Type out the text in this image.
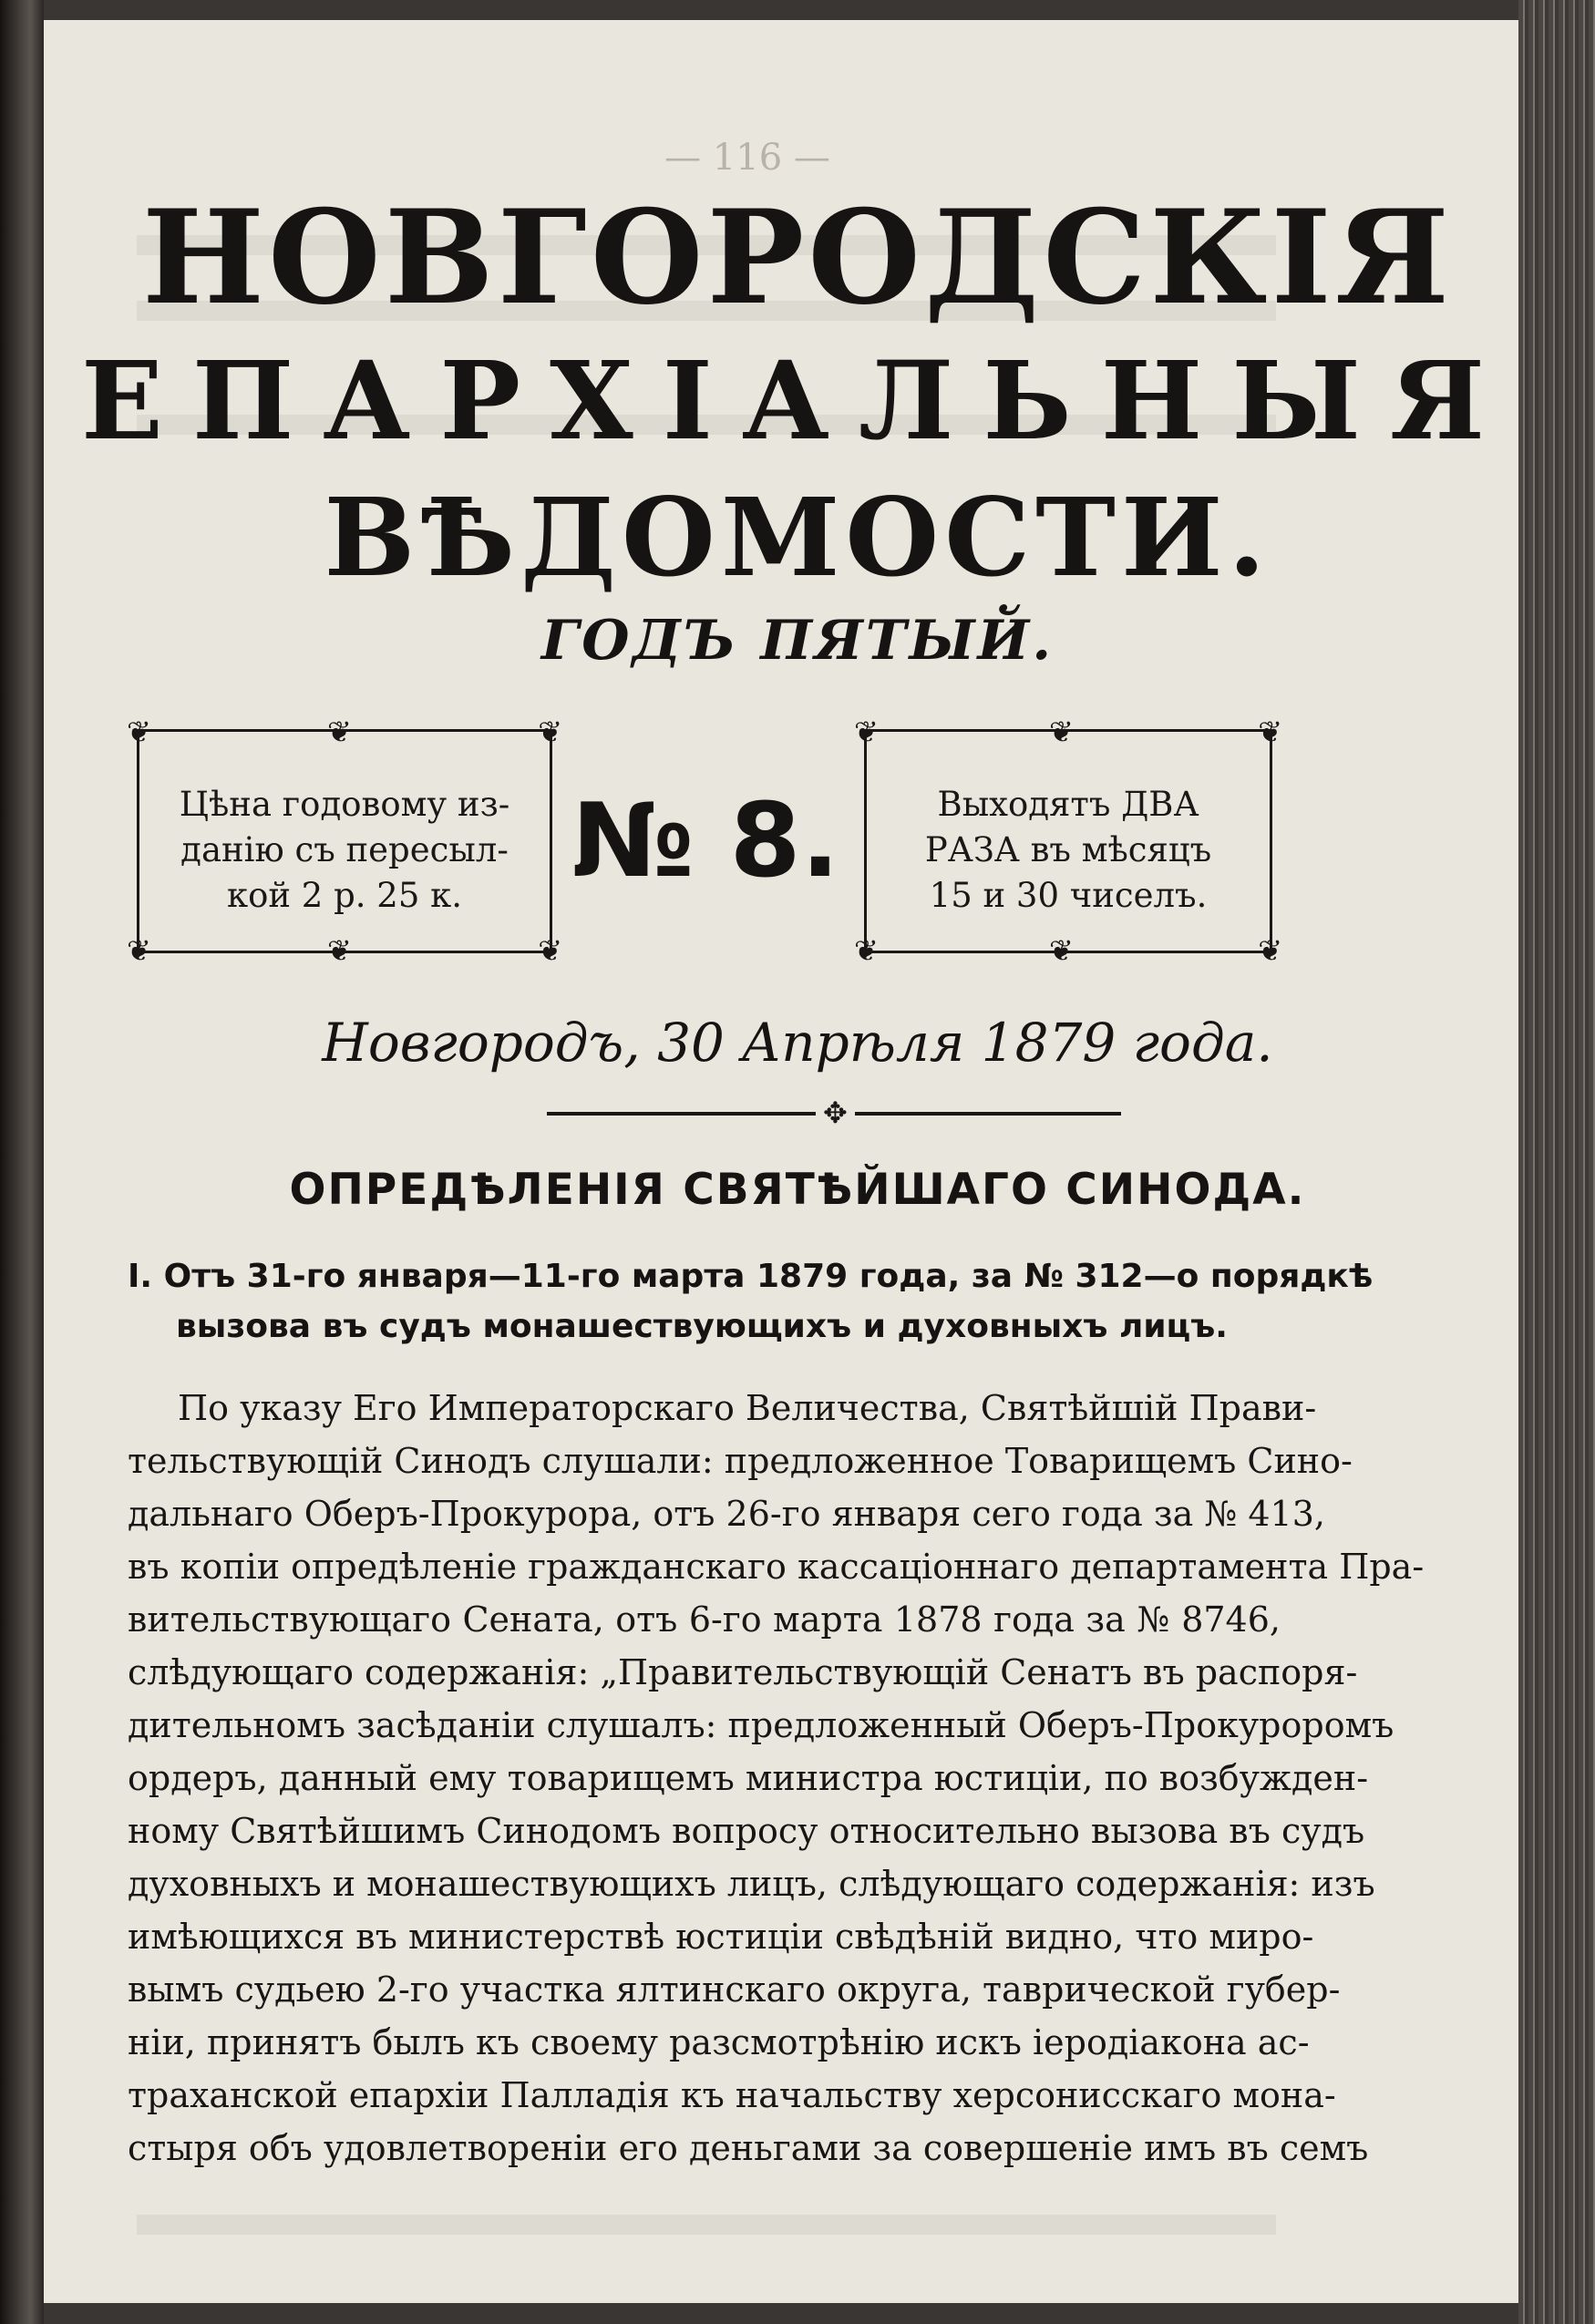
— 116 —
НОВГОРОДСКІЯ
ЕПАРХІАЛЬНЫЯ
ВѢДОМОСТИ.
ГОДЪ ПЯТЫЙ.
❦	❦
❦	❦
❦
❦
Цѣна годовому из-
данію съ пересыл-
кой 2 р. 25 к.	№ 8.
❦	❦
❦	❦
❦
❦
Выходятъ ДВА
РАЗА въ мѣсяцъ
15 и 30 чиселъ.
Новгородъ, 30 Апрѣля 1879 года.
✥
ОПРЕДѢЛЕНІЯ СВЯТѢЙШАГО СИНОДА.
I. Отъ 31-го января—11-го марта 1879 года, за № 312—о порядкѣ
вызова въ судъ монашествующихъ и духовныхъ лицъ.
По указу Его Императорскаго Величества, Святѣйшій Прави-
тельствующій Синодъ слушали: предложенное Товарищемъ Сино-
дальнаго Оберъ-Прокурора, отъ 26-го января сего года за № 413,
въ копіи опредѣленіе гражданскаго кассаціоннаго департамента Пра-
вительствующаго Сената, отъ 6-го марта 1878 года за № 8746,
слѣдующаго содержанія: „Правительствующій Сенатъ въ распоря-
дительномъ засѣданіи слушалъ: предложенный Оберъ-Прокуроромъ
ордеръ, данный ему товарищемъ министра юстиціи, по возбужден-
ному Святѣйшимъ Синодомъ вопросу относительно вызова въ судъ
духовныхъ и монашествующихъ лицъ, слѣдующаго содержанія: изъ
имѣющихся въ министерствѣ юстиціи свѣдѣній видно, что миро-
вымъ судьею 2-го участка ялтинскаго округа, таврической губер-
ніи, принятъ былъ къ своему разсмотрѣнію искъ іеродіакона ас-
траханской епархіи Палладія къ начальству херсонисскаго мона-
стыря объ удовлетвореніи его деньгами за совершеніе имъ въ семъ
